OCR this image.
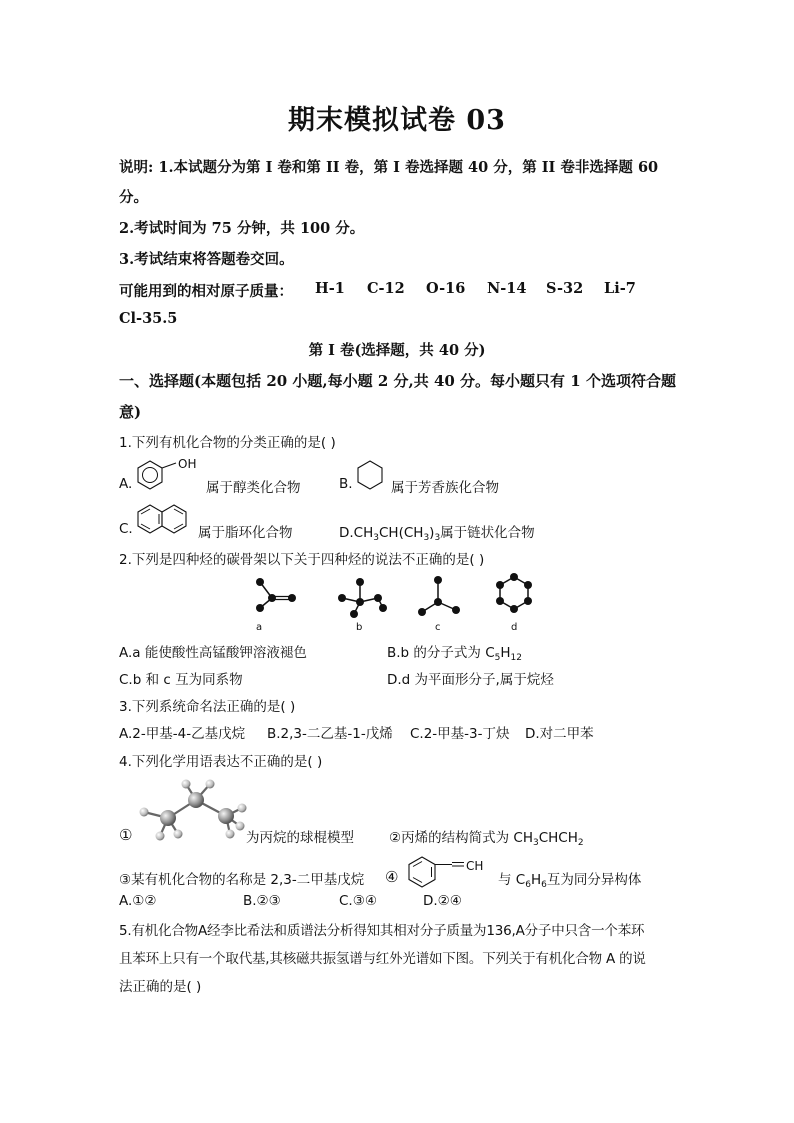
期末模拟试卷 03
说明: 1.本试题分为第 I 卷和第 II 卷，第 I 卷选择题 40 分，第 II 卷非选择题 60
分。
2.考试时间为 75 分钟，共 100 分。
3.考试结束将答题卷交回。
可能用到的相对原子质量： H-1 C-12 O-16 N-14 S-32 Li-7
Cl-35.5
第 I 卷(选择题，共 40 分)
一、选择题(本题包括 20 小题,每小题 2 分,共 40 分。每小题只有 1 个选项符合题
意)
1.下列有机化合物的分类正确的是( )
A.
OH
属于醇类化合物	B.	属于芳香族化合物
C.	属于脂环化合物	$D.CH_3CH(CH_3)_3$属于链状化合物
2.下列是四种烃的碳骨架以下关于四种烃的说法不正确的是( )
a	b	c	d
A.a 能使酸性高锰酸钾溶液褪色	B.b 的分子式为 $C_5H_{12}$
C.b 和 c 互为同系物	D.d 为平面形分子,属于烷烃
3.下列系统命名法正确的是( )
A.2-甲基-4-乙基戊烷 B.2,3-二乙基-1-戊烯 C.2-甲基-3-丁炔 D.对二甲苯
4.下列化学用语表达不正确的是( )
①	为丙烷的球棍模型	②丙烯的结构简式为 $CH_3CHCH_2$
③某有机化合物的名称是 2,3-二甲基戊烷 ④
CH
与 $C_6H_6$互为同分异构体
A.①②	B.②③	C.③④	D.②④
5.有机化合物A经李比希法和质谱法分析得知其相对分子质量为136,A分子中只含一个苯环
且苯环上只有一个取代基,其核磁共振氢谱与红外光谱如下图。下列关于有机化合物 A 的说
法正确的是( )
